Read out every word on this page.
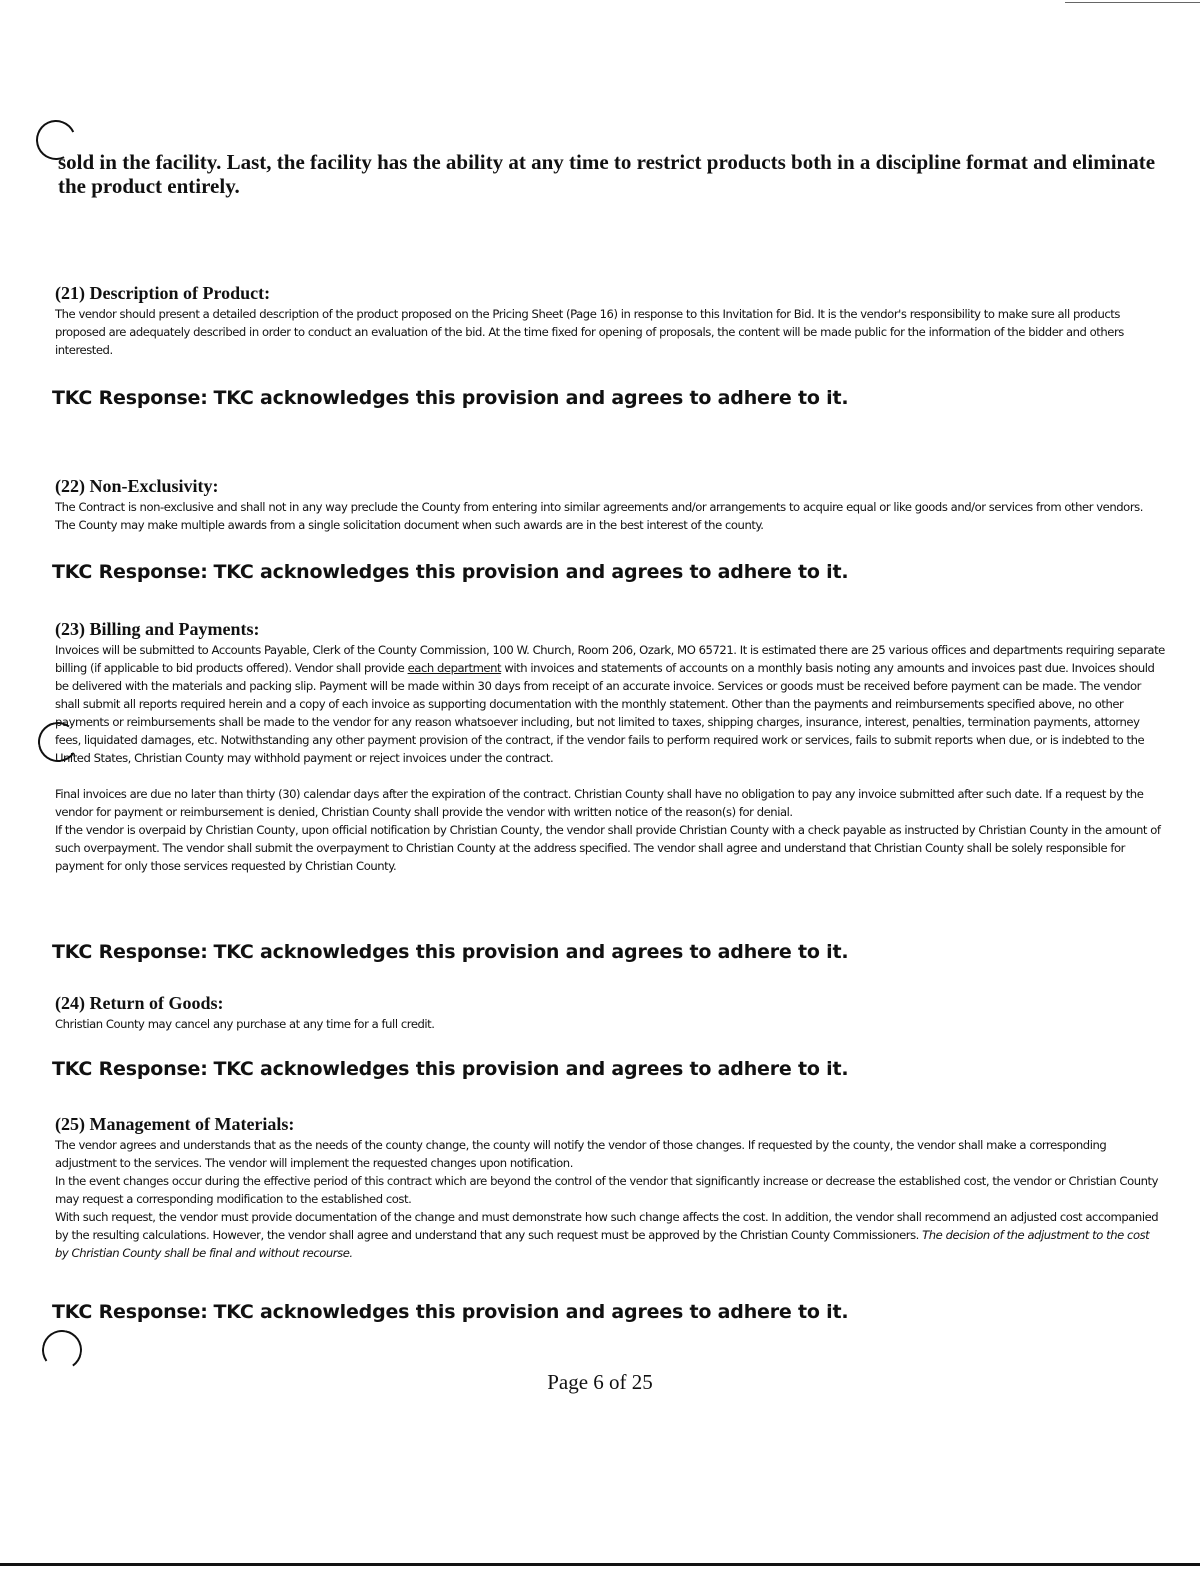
sold in the facility. Last, the facility has the ability at any time to restrict products both in a discipline format and eliminate the product entirely.
(21) Description of Product:

The vendor should present a detailed description of the product proposed on the Pricing Sheet (Page 16) in response to this Invitation for Bid. It is the vendor's responsibility to make sure all products proposed are adequately described in order to conduct an evaluation of the bid. At the time fixed for opening of proposals, the content will be made public for the information of the bidder and others interested.

TKC Response: TKC acknowledges this provision and agrees to adhere to it.
(22) Non-Exclusivity:

The Contract is non-exclusive and shall not in any way preclude the County from entering into similar agreements and/or arrangements to acquire equal or like goods and/or services from other vendors. The County may make multiple awards from a single solicitation document when such awards are in the best interest of the county.

TKC Response: TKC acknowledges this provision and agrees to adhere to it.
(23) Billing and Payments:

Invoices will be submitted to Accounts Payable, Clerk of the County Commission, 100 W. Church, Room 206, Ozark, MO 65721. It is estimated there are 25 various offices and departments requiring separate billing (if applicable to bid products offered). Vendor shall provide each department with invoices and statements of accounts on a monthly basis noting any amounts and invoices past due. Invoices should be delivered with the materials and packing slip. Payment will be made within 30 days from receipt of an accurate invoice. Services or goods must be received before payment can be made. The vendor shall submit all reports required herein and a copy of each invoice as supporting documentation with the monthly statement. Other than the payments and reimbursements specified above, no other payments or reimbursements shall be made to the vendor for any reason whatsoever including, but not limited to taxes, shipping charges, insurance, interest, penalties, termination payments, attorney fees, liquidated damages, etc. Notwithstanding any other payment provision of the contract, if the vendor fails to perform required work or services, fails to submit reports when due, or is indebted to the United States, Christian County may withhold payment or reject invoices under the contract.

Final invoices are due no later than thirty (30) calendar days after the expiration of the contract. Christian County shall have no obligation to pay any invoice submitted after such date. If a request by the vendor for payment or reimbursement is denied, Christian County shall provide the vendor with written notice of the reason(s) for denial.

If the vendor is overpaid by Christian County, upon official notification by Christian County, the vendor shall provide Christian County with a check payable as instructed by Christian County in the amount of such overpayment. The vendor shall submit the overpayment to Christian County at the address specified. The vendor shall agree and understand that Christian County shall be solely responsible for payment for only those services requested by Christian County.

TKC Response: TKC acknowledges this provision and agrees to adhere to it.
(24) Return of Goods:

Christian County may cancel any purchase at any time for a full credit.

TKC Response: TKC acknowledges this provision and agrees to adhere to it.
(25) Management of Materials:

The vendor agrees and understands that as the needs of the county change, the county will notify the vendor of those changes. If requested by the county, the vendor shall make a corresponding adjustment to the services. The vendor will implement the requested changes upon notification.

In the event changes occur during the effective period of this contract which are beyond the control of the vendor that significantly increase or decrease the established cost, the vendor or Christian County may request a corresponding modification to the established cost.

With such request, the vendor must provide documentation of the change and must demonstrate how such change affects the cost. In addition, the vendor shall recommend an adjusted cost accompanied by the resulting calculations. However, the vendor shall agree and understand that any such request must be approved by the Christian County Commissioners. The decision of the adjustment to the cost by Christian County shall be final and without recourse.

TKC Response: TKC acknowledges this provision and agrees to adhere to it.
Page 6 of 25
